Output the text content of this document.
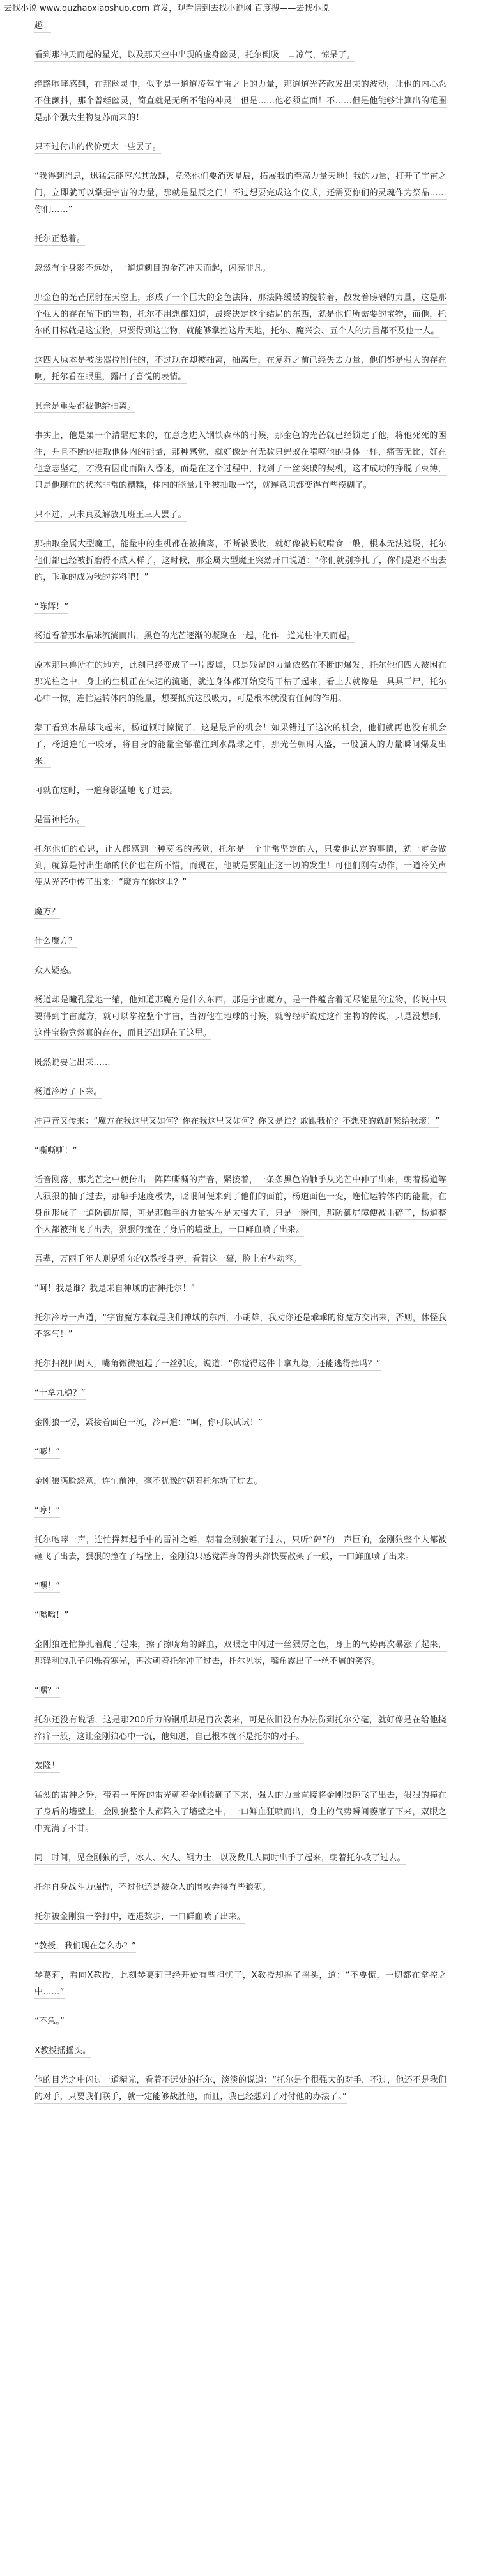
去找小说 www.quzhaoxiaoshuo.com 首发，观看请到去找小说网 百度搜——去找小说
趣！
看到那冲天而起的星光，以及那天空中出现的虚身幽灵，托尔倒吸一口凉气，惊呆了。
绝路咆哮感到，在那幽灵中，似乎是一道道凌驾宇宙之上的力量，那道道光芒散发出来的波动，让他的内心忍不住颤抖，那个曾经幽灵，简直就是无所不能的神灵！但是……他必须直面！不……但是他能够计算出的范围是那个强大生物复苏而来的！
只不过付出的代价更大一些罢了。
“我得到消息，迅猛怎能容忍其放肆，竟然他们要消灭星辰，拓展我的至高力量天地！我的力量，打开了宇宙之门，立即就可以掌握宇宙的力量，那就是星辰之门！不过想要完成这个仪式，还需要你们的灵魂作为祭品……你们……”
托尔正愁着。
忽然有个身影不远处，一道道刺目的金芒冲天而起，闪亮非凡。
那金色的光芒照射在天空上，形成了一个巨大的金色法阵，那法阵缓缓的旋转着，散发着磅礴的力量，这是那个强大的存在留下的宝物，托尔不用想都知道，最终决定这个结局的东西，就是他们所需要的宝物，而他，托尔的目标就是这宝物，只要得到这宝物，就能够掌控这片天地，托尔、魔兴会、五个人的力量都不及他一人。
这四人原本是被法器控制住的，不过现在却被抽离，抽离后，在复苏之前已经失去力量，他们都是强大的存在啊，托尔看在眼里，露出了喜悦的表情。
其余是重要都被他给抽离。
事实上，他是第一个清醒过来的，在意念进入钢铁森林的时候，那金色的光芒就已经锁定了他，将他死死的困住，并且不断的抽取他体内的能量，那种感觉，就好像是有无数只蚂蚁在啃噬他的身体一样，痛苦无比，好在他意志坚定，才没有因此而陷入昏迷，而是在这个过程中，找到了一丝突破的契机，这才成功的挣脱了束缚，只是他现在的状态非常的糟糕，体内的能量几乎被抽取一空，就连意识都变得有些模糊了。
只不过，只未真及解放兀班王三人罢了。
那抽取金属大型魔王，能量中的生机都在被抽离，不断被吸收，就好像被蚂蚁啃食一般，根本无法逃脱，托尔他们都已经被折磨得不成人样了，这时候，那金属大型魔王突然开口说道：“你们就别挣扎了，你们是逃不出去的，乖乖的成为我的养料吧！”
“陈辉！”
杨道看着那水晶球流淌而出，黑色的光芒逐渐的凝聚在一起，化作一道光柱冲天而起。
原本那巨兽所在的地方，此刻已经变成了一片废墟，只是残留的力量依然在不断的爆发，托尔他们四人被困在那光柱之中，身上的生机正在快速的流逝，就连身体都开始变得干枯了起来，看上去就像是一具具干尸，托尔心中一惊，连忙运转体内的能量，想要抵抗这股吸力，可是根本就没有任何的作用。
蒙丁看到水晶球飞起来，杨道顿时惊慌了，这是最后的机会！如果错过了这次的机会，他们就再也没有机会了，杨道连忙一咬牙，将自身的能量全部灌注到水晶球之中，那光芒顿时大盛，一股强大的力量瞬间爆发出来！
可就在这时，一道身影猛地飞了过去。
是雷神托尔。
托尔他们的心思，让人都感到一种莫名的感觉，托尔是一个非常坚定的人，只要他认定的事情，就一定会做到，就算是付出生命的代价也在所不惜，而现在，他就是要阻止这一切的发生！可他们刚有动作，一道冷笑声便从光芒中传了出来：“魔方在你这里？”
魔方？
什么魔方？
众人疑惑。
杨道却是瞳孔猛地一缩，他知道那魔方是什么东西，那是宇宙魔方，是一件蕴含着无尽能量的宝物，传说中只要得到宇宙魔方，就可以掌控整个宇宙，当初他在地球的时候，就曾经听说过这件宝物的传说，只是没想到，这件宝物竟然真的存在，而且还出现在了这里。
既然说要让出来……
杨道冷哼了下来。
冲声音又传来：“魔方在我这里又如何？你在我这里又如何？你又是谁？敢跟我抢？不想死的就赶紧给我滚！”
“嘶嘶嘶！”
话音刚落，那光芒之中便传出一阵阵嘶嘶的声音，紧接着，一条条黑色的触手从光芒中伸了出来，朝着杨道等人狠狠的抽了过去，那触手速度极快，眨眼间便来到了他们的面前，杨道面色一变，连忙运转体内的能量，在身前形成了一道防御屏障，可是那触手的力量实在是太强大了，只是一瞬间，那防御屏障便被击碎了，杨道整个人都被抽飞了出去，狠狠的撞在了身后的墙壁上，一口鲜血喷了出来。
吾辈，万丽千年人则是雅尔的X教授身旁，看着这一幕，脸上有些动容。
“呵！我是谁？我是来自神域的雷神托尔！”
托尔冷哼一声道，“宇宙魔方本就是我们神域的东西，小胡雄，我劝你还是乖乖的将魔方交出来，否则，休怪我不客气！”
托尔扫视四周人，嘴角微微翘起了一丝弧度，说道：“你觉得这件十拿九稳，还能逃得掉吗？”
“十拿九稳？”
金刚狼一愣，紧接着面色一沉，冷声道：“呵，你可以试试！”
“嘭！”
金刚狼满脸怒意，连忙前冲，毫不犹豫的朝着托尔斩了过去。
“哼！”
托尔咆哮一声，连忙挥舞起手中的雷神之锤，朝着金刚狼砸了过去，只听“砰”的一声巨响，金刚狼整个人都被砸飞了出去，狠狠的撞在了墙壁上，金刚狼只感觉浑身的骨头都快要散架了一般，一口鲜血喷了出来。
“嘿！”
“嗡嗡！”
金刚狼连忙挣扎着爬了起来，擦了擦嘴角的鲜血，双眼之中闪过一丝狠厉之色，身上的气势再次暴涨了起来，那锋利的爪子闪烁着寒光，再次朝着托尔冲了过去，托尔见状，嘴角露出了一丝不屑的笑容。
“嘿？”
托尔还没有说话，这是那200斤力的钢爪却是再次袭来，可是依旧没有办法伤到托尔分毫，就好像是在给他挠痒痒一般，这让金刚狼心中一沉，他知道，自己根本就不是托尔的对手。
轰隆！
猛烈的雷神之锤，带着一阵阵的雷光朝着金刚狼砸了下来，强大的力量直接将金刚狼砸飞了出去，狠狠的撞在了身后的墙壁上，金刚狼整个人都陷入了墙壁之中，一口鲜血狂喷而出，身上的气势瞬间萎靡了下来，双眼之中充满了不甘。
同一时间，见金刚狼的手，冰人、火人、钢力士，以及数几人同时出手了起来，朝着托尔攻了过去。
托尔自身战斗力强悍，不过他还是被众人的围攻弄得有些狼狈。
托尔被金刚狼一拳打中，连退数步，一口鲜血喷了出来。
“教授，我们现在怎么办？”
琴葛莉，看向X教授，此刻琴葛莉已经开始有些担忧了，X教授却摇了摇头，道：“不要慌，一切都在掌控之中……”
“不急。”
X教授摇摇头。
他的目光之中闪过一道精光，看着不远处的托尔，淡淡的说道：“托尔是个很强大的对手，不过，他还不是我们的对手，只要我们联手，就一定能够战胜他，而且，我已经想到了对付他的办法了。”
